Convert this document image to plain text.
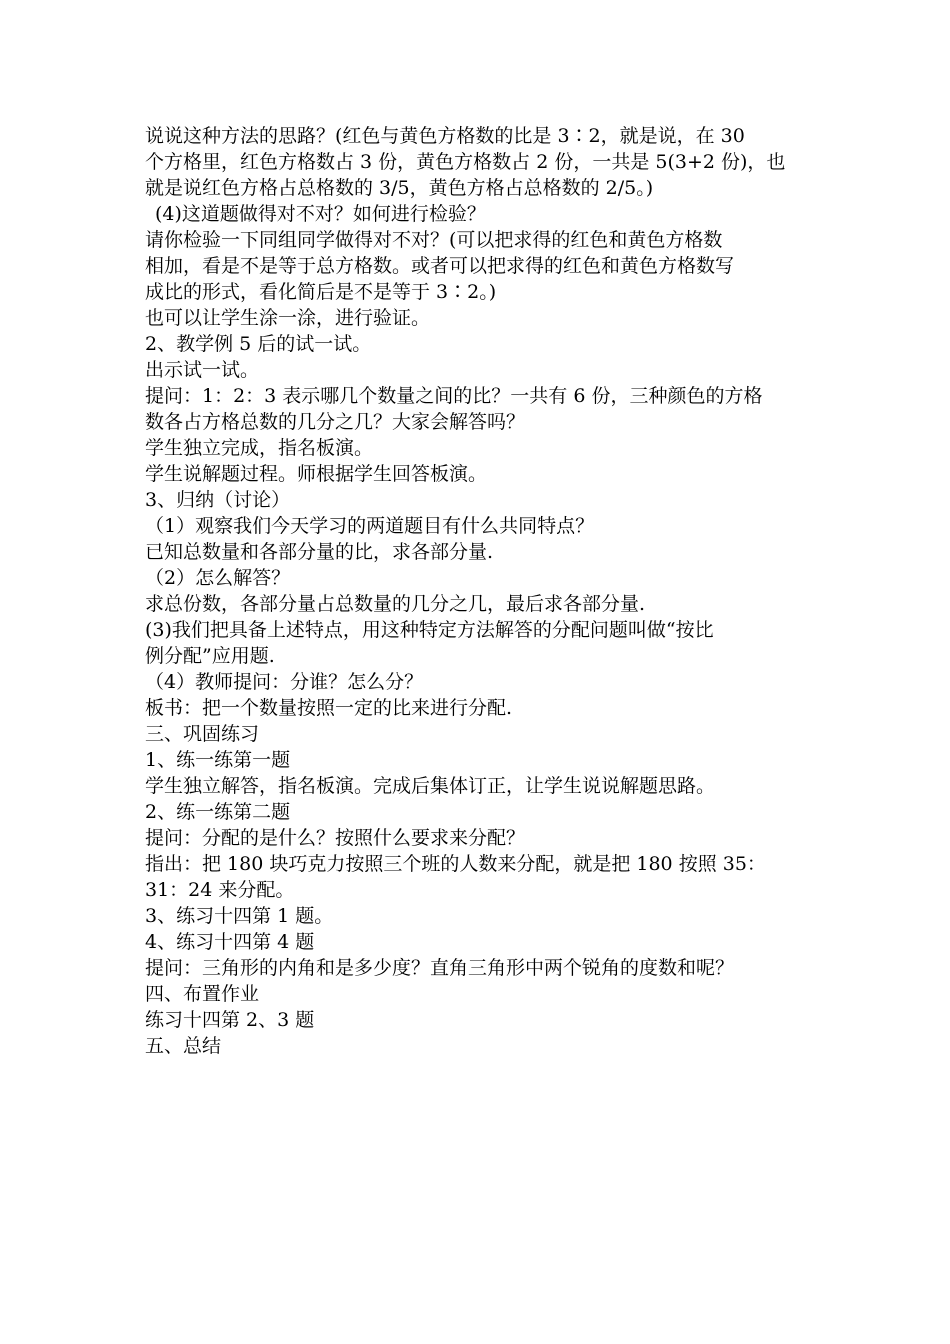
说说这种方法的思路？(红色与黄色方格数的比是 3∶2，就是说，在 30
个方格里，红色方格数占 3 份，黄色方格数占 2 份，一共是 5(3+2 份)，也
就是说红色方格占总格数的 3/5，黄色方格占总格数的 2/5。)
(4)这道题做得对不对？如何进行检验？
请你检验一下同组同学做得对不对？(可以把求得的红色和黄色方格数
相加，看是不是等于总方格数。或者可以把求得的红色和黄色方格数写
成比的形式，看化简后是不是等于 3∶2。)
也可以让学生涂一涂，进行验证。
2、教学例 5 后的试一试。
出示试一试。
提问：1：2：3 表示哪几个数量之间的比？一共有 6 份，三种颜色的方格
数各占方格总数的几分之几？大家会解答吗？
学生独立完成，指名板演。
学生说解题过程。师根据学生回答板演。
3、归纳（讨论）
（1）观察我们今天学习的两道题目有什么共同特点？
已知总数量和各部分量的比，求各部分量.
（2）怎么解答？
求总份数，各部分量占总数量的几分之几，最后求各部分量.
(3)我们把具备上述特点，用这种特定方法解答的分配问题叫做“按比
例分配”应用题.
（4）教师提问：分谁？怎么分？
板书：把一个数量按照一定的比来进行分配.
三、巩固练习
1、练一练第一题
学生独立解答，指名板演。完成后集体订正，让学生说说解题思路。
2、练一练第二题
提问：分配的是什么？按照什么要求来分配？
指出：把 180 块巧克力按照三个班的人数来分配，就是把 180 按照 35：
31：24 来分配。
3、练习十四第 1 题。
4、练习十四第 4 题
提问：三角形的内角和是多少度？直角三角形中两个锐角的度数和呢？
四、布置作业
练习十四第 2、3 题
五、总结
